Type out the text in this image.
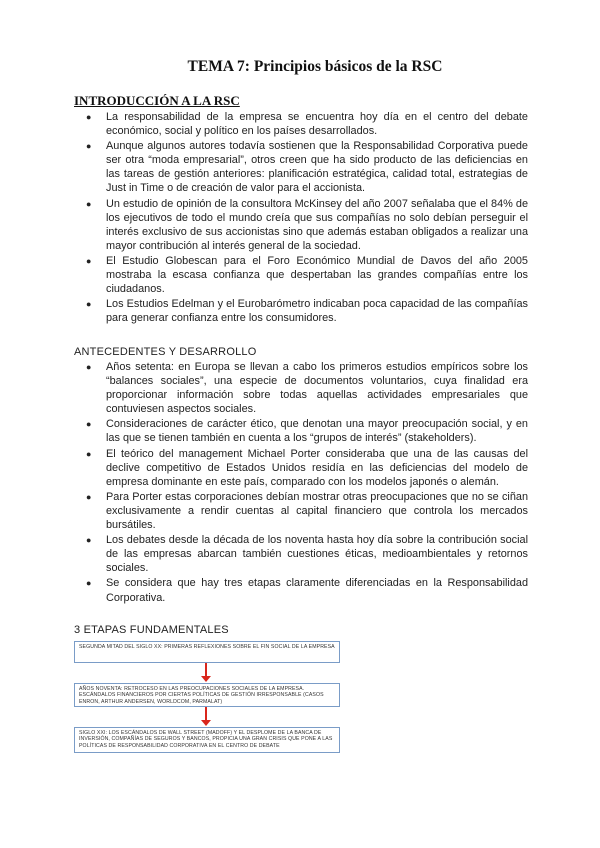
TEMA 7: Principios básicos de la RSC
INTRODUCCIÓN A LA RSC
● La responsabilidad de la empresa se encuentra hoy día en el centro del debate económico, social y político en los países desarrollados.
● Aunque algunos autores todavía sostienen que la Responsabilidad Corporativa puede ser otra “moda empresarial”, otros creen que ha sido producto de las deficiencias en las tareas de gestión anteriores: planificación estratégica, calidad total, estrategias de Just in Time o de creación de valor para el accionista.
● Un estudio de opinión de la consultora McKinsey del año 2007 señalaba que el 84% de los ejecutivos de todo el mundo creía que sus compañías no solo debían perseguir el interés exclusivo de sus accionistas sino que además estaban obligados a realizar una mayor contribución al interés general de la sociedad.
● El Estudio Globescan para el Foro Económico Mundial de Davos del año 2005 mostraba la escasa confianza que despertaban las grandes compañías entre los ciudadanos.
● Los Estudios Edelman y el Eurobarómetro indicaban poca capacidad de las compañías para generar confianza entre los consumidores.
ANTECEDENTES Y DESARROLLO
● Años setenta: en Europa se llevan a cabo los primeros estudios empíricos sobre los “balances sociales”, una especie de documentos voluntarios, cuya finalidad era proporcionar información sobre todas aquellas actividades empresariales que contuviesen aspectos sociales.
● Consideraciones de carácter ético, que denotan una mayor preocupación social, y en las que se tienen también en cuenta a los “grupos de interés” (stakeholders).
● El teórico del management Michael Porter consideraba que una de las causas del declive competitivo de Estados Unidos residía en las deficiencias del modelo de empresa dominante en este país, comparado con los modelos japonés o alemán.
● Para Porter estas corporaciones debían mostrar otras preocupaciones que no se ciñan exclusivamente a rendir cuentas al capital financiero que controla los mercados bursátiles.
● Los debates desde la década de los noventa hasta hoy día sobre la contribución social de las empresas abarcan también cuestiones éticas, medioambientales y retornos sociales.
● Se considera que hay tres etapas claramente diferenciadas en la Responsabilidad Corporativa.
3 ETAPAS FUNDAMENTALES
SEGUNDA MITAD DEL SIGLO XX: PRIMERAS REFLEXIONES SOBRE EL FIN SOCIAL DE LA EMPRESA
AÑOS NOVENTA: RETROCESO EN LAS PREOCUPACIONES SOCIALES DE LA EMPRESA. ESCÁNDALOS FINANCIEROS POR CIERTAS POLÍTICAS DE GESTIÓN IRRESPONSABLE (CASOS ENRON, ARTHUR ANDERSEN, WORLDCOM, PARMALAT)
SIGLO XXI: LOS ESCÁNDALOS DE WALL STREET (MADOFF) Y EL DESPLOME DE LA BANCA DE INVERSIÓN, COMPAÑÍAS DE SEGUROS Y BANCOS, PROPICIA UNA GRAN CRISIS QUE PONE A LAS POLÍTICAS DE RESPONSABILIDAD CORPORATIVA EN EL CENTRO DE DEBATE
